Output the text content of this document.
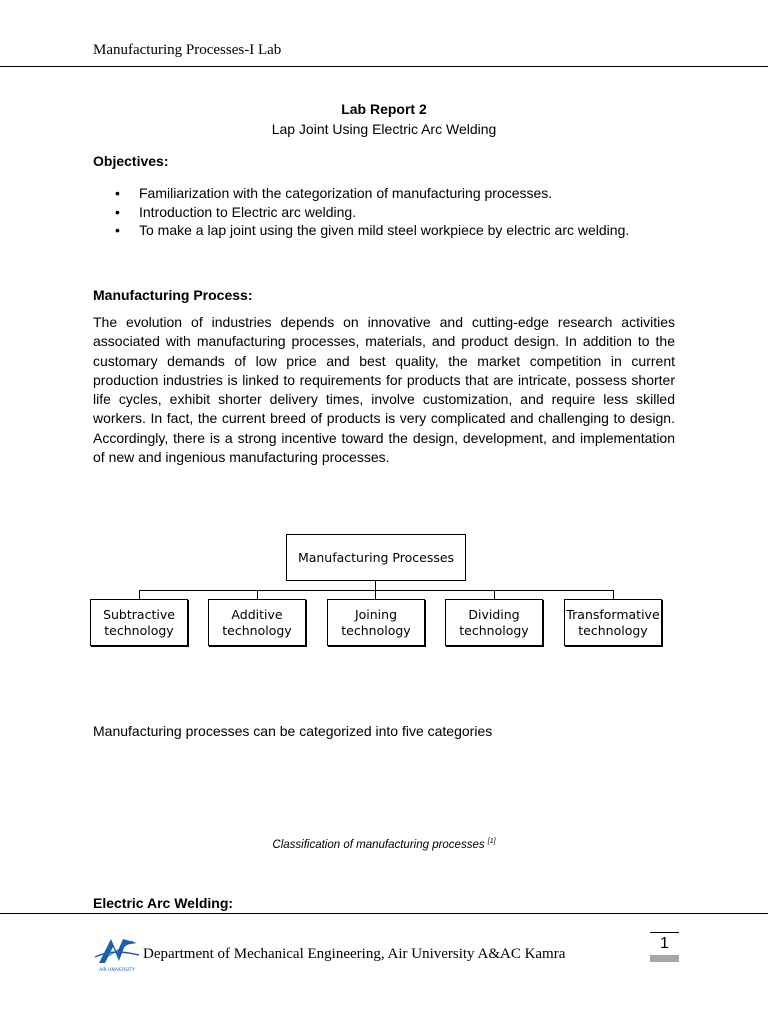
Manufacturing Processes-I Lab
Lab Report 2
Lap Joint Using Electric Arc Welding
Objectives:
• Familiarization with the categorization of manufacturing processes.
• Introduction to Electric arc welding.
• To make a lap joint using the given mild steel workpiece by electric arc welding.
Manufacturing Process:

The evolution of industries depends on innovative and cutting-edge research activities associated with manufacturing processes, materials, and product design. In addition to the customary demands of low price and best quality, the market competition in current production industries is linked to requirements for products that are intricate, possess shorter life cycles, exhibit shorter delivery times, involve customization, and require less skilled workers. In fact, the current breed of products is very complicated and challenging to design. Accordingly, there is a strong incentive toward the design, development, and implementation of new and ingenious manufacturing processes.

Manufacturing Processes
Subtractive
technology
Additive
technology
Joining
technology
Dividing
technology
Transformative
technology
Manufacturing processes can be categorized into five categories
Classification of manufacturing processes [1]
Electric Arc Welding:
AIR UNIVERSITY
Department of Mechanical Engineering, Air University A&AC Kamra
1
